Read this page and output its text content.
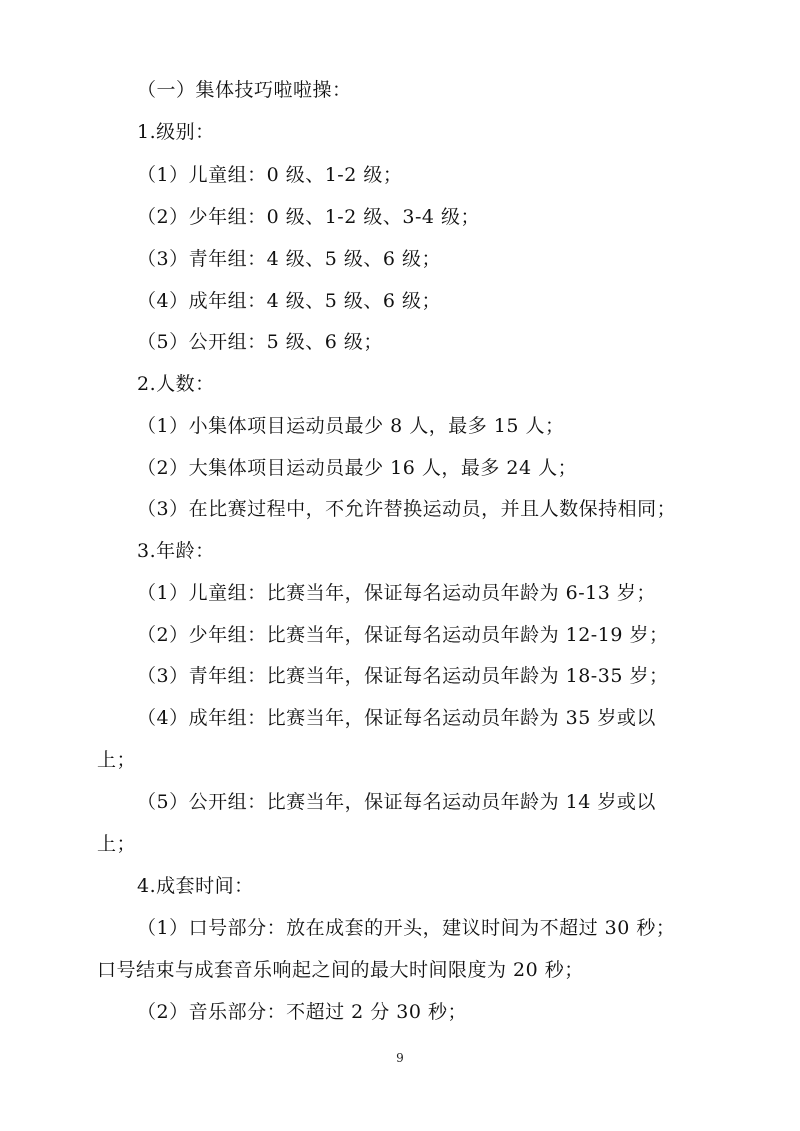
（一）集体技巧啦啦操：
1.级别：
（1）儿童组：0 级、1-2 级；
（2）少年组：0 级、1-2 级、3-4 级；
（3）青年组：4 级、5 级、6 级；
（4）成年组：4 级、5 级、6 级；
（5）公开组：5 级、6 级；
2.人数：
（1）小集体项目运动员最少 8 人，最多 15 人；
（2）大集体项目运动员最少 16 人，最多 24 人；
（3）在比赛过程中，不允许替换运动员，并且人数保持相同；
3.年龄：
（1）儿童组：比赛当年，保证每名运动员年龄为 6-13 岁；
（2）少年组：比赛当年，保证每名运动员年龄为 12-19 岁；
（3）青年组：比赛当年，保证每名运动员年龄为 18-35 岁；
（4）成年组：比赛当年，保证每名运动员年龄为 35 岁或以
上；
（5）公开组：比赛当年，保证每名运动员年龄为 14 岁或以
上；
4.成套时间：
（1）口号部分：放在成套的开头，建议时间为不超过 30 秒；
口号结束与成套音乐响起之间的最大时间限度为 20 秒；
（2）音乐部分：不超过 2 分 30 秒；
9
